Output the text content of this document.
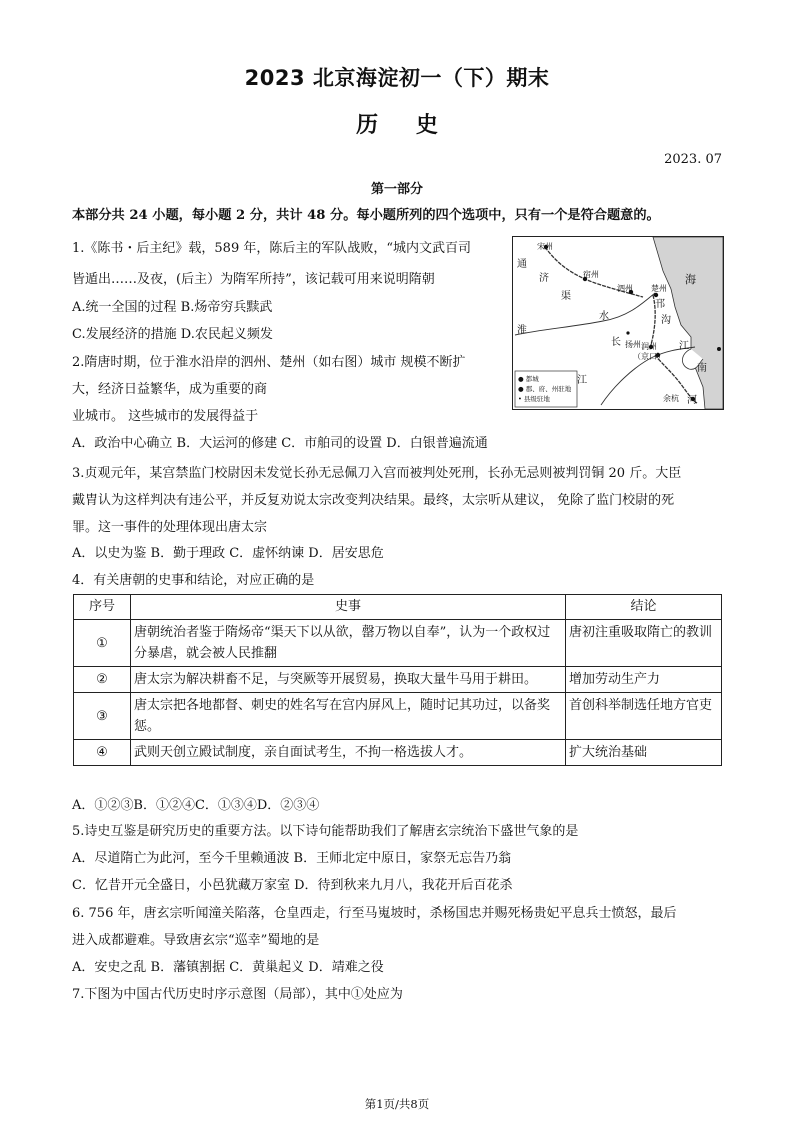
2023 北京海淀初一（下）期末
历 史
2023. 07
第一部分
本部分共 24 小题，每小题 2 分，共计 48 分。每小题所列的四个选项中，只有一个是符合题意的。
1.《陈书・后主纪》载，589 年，陈后主的军队战败，“城内文武百司
皆遁出……及夜，(后主）为隋军所持”，该记载可用来说明隋朝
A.统一全国的过程 B.炀帝穷兵黩武
C.发展经济的措施 D.农民起义频发
2.隋唐时期，位于淮水沿岸的泗州、楚州（如右图）城市 规模不断扩
大，经济日益繁华，成为重要的商
业城市。 这些城市的发展得益于
A．政治中心确立 B．大运河的修建 C．市舶司的设置 D．白银普遍流通
宋州
宿州
泗州 楚州
扬州 润州
（京口）
余杭
海
通
济
渠
水
邗
沟
淮
长
江
江
南
河
● 都城
● 郡、府、州驻地
• 县级驻地
3.贞观元年，某宫禁监门校尉因未发觉长孙无忌佩刀入宫而被判处死刑，长孙无忌则被判罚铜 20 斤。大臣
戴胄认为这样判决有违公平，并反复劝说太宗改变判决结果。最终，太宗听从建议， 免除了监门校尉的死
罪。这一事件的处理体现出唐太宗
A．以史为鉴 B．勤于理政 C．虚怀纳谏 D．居安思危
4．有关唐朝的史事和结论，对应正确的是
序号	史事	结论
①	唐朝统治者鉴于隋炀帝“渠天下以从欲，罄万物以自奉”，认为一个政权过分暴虐，就会被人民推翻	唐初注重吸取隋亡的教训
②	唐太宗为解决耕畜不足，与突厥等开展贸易，换取大量牛马用于耕田。	增加劳动生产力
③	唐太宗把各地都督、刺史的姓名写在宫内屏风上，随时记其功过，以备奖惩。	首创科举制选任地方官吏
④	武则天创立殿试制度，亲自面试考生，不拘一格选拔人才。	扩大统治基础
A．①②③B．①②④C．①③④D．②③④
5.诗史互鉴是研究历史的重要方法。以下诗句能帮助我们了解唐玄宗统治下盛世气象的是
A．尽道隋亡为此河，至今千里赖通波 B．王师北定中原日，家祭无忘告乃翁
C．忆昔开元全盛日，小邑犹藏万家室 D．待到秋来九月八，我花开后百花杀
6. 756 年，唐玄宗听闻潼关陷落，仓皇西走，行至马嵬坡时，杀杨国忠并赐死杨贵妃平息兵士愤怒，最后
进入成都避难。导致唐玄宗“巡幸”蜀地的是
A．安史之乱 B．藩镇割据 C．黄巢起义 D．靖难之役
7.下图为中国古代历史时序示意图（局部），其中①处应为
第1页/共8页
